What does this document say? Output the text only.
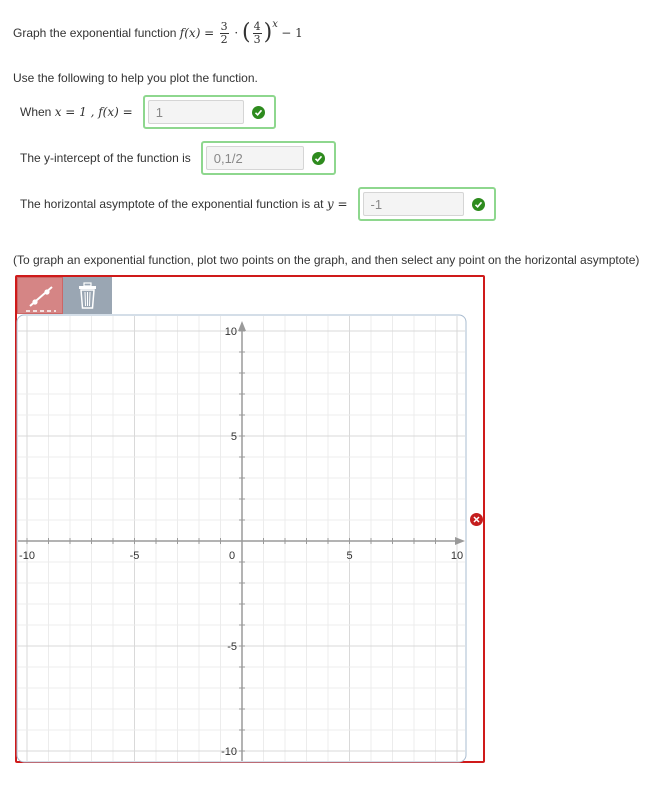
Graph the exponential function
f(x) =
$\frac{3}{2}$ · ( $\frac{4}{3}$ ) x

− 1
Use the following to help you plot the function.
When
x = 1 , f(x) =
1
The y-intercept of the function is
0,1/2
The horizontal asymptote of the exponential function is at
y =
-1
(To graph an exponential function, plot two points on the graph, and then select any point on the horizontal asymptote)
-10	-5	0	5	10
10
5
-5
-10
